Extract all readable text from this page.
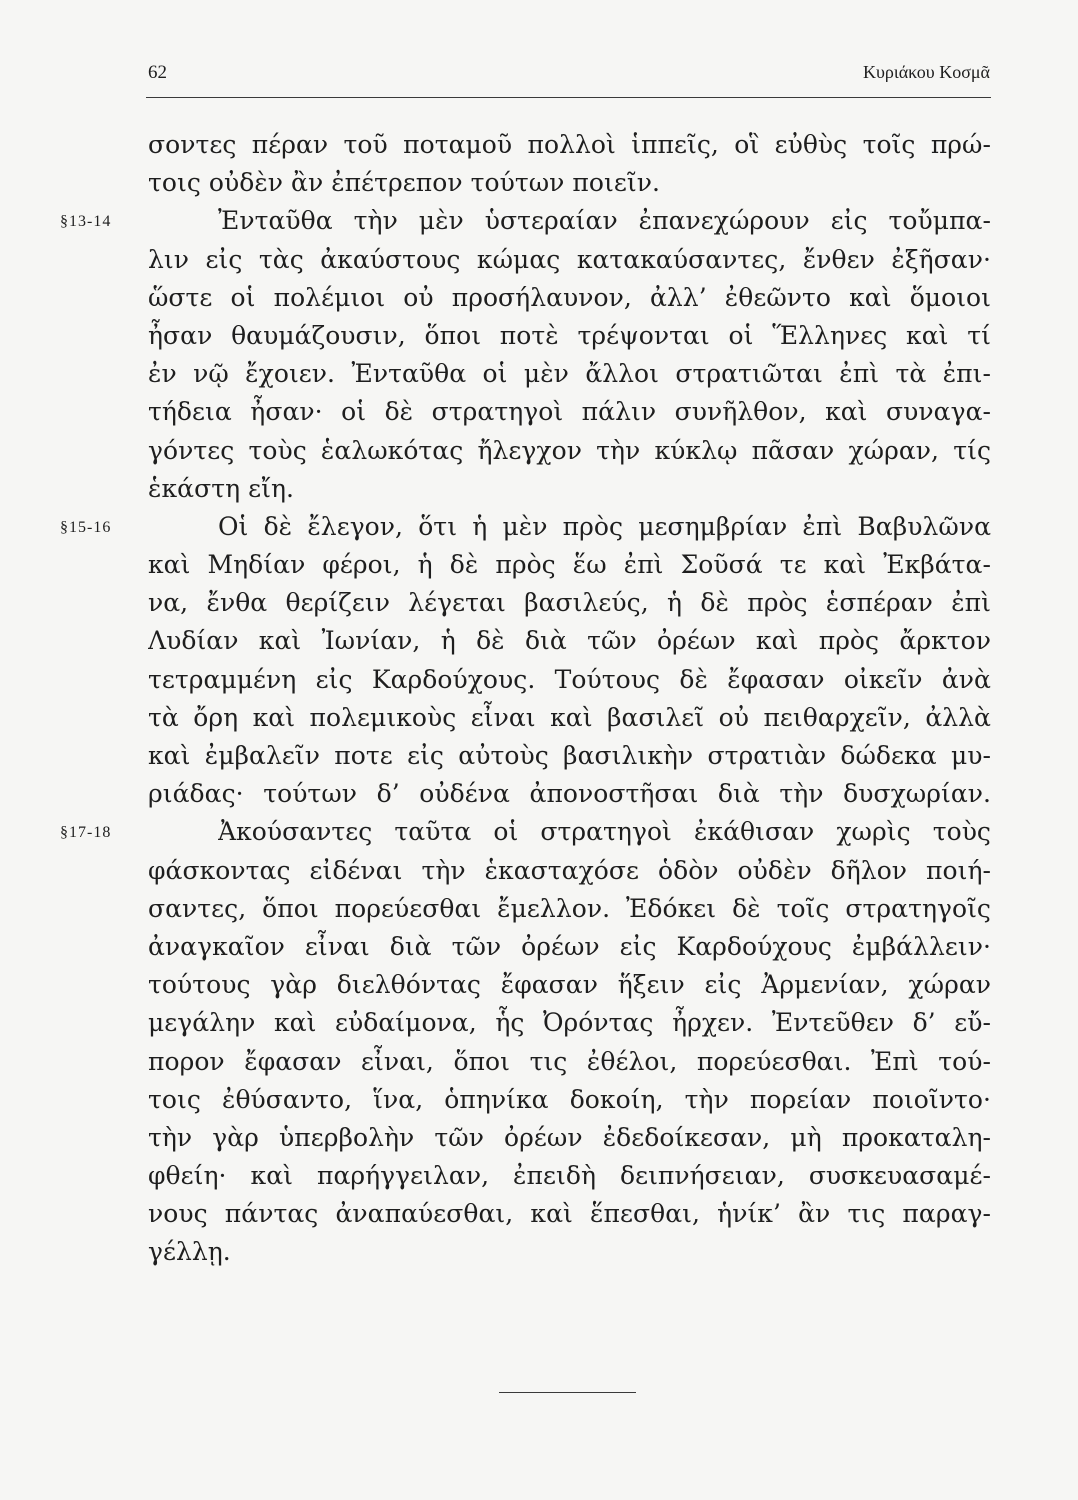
62	Κυριάκου Κοσμᾶ
σοντες πέραν τοῦ ποταμοῦ πολλοὶ ἱππεῖς, οἳ εὐθὺς τοῖς πρώ-
τοις οὐδὲν ἂν ἐπέτρεπον τούτων ποιεῖν.
§13-14	Ἐνταῦθα τὴν μὲν ὑστεραίαν ἐπανεχώρουν εἰς τοὔμπα-
λιν εἰς τὰς ἀκαύστους κώμας κατακαύσαντες, ἔνθεν ἐξῆσαν·
ὥστε οἱ πολέμιοι οὐ προσήλαυνον, ἀλλ’ ἐθεῶντο καὶ ὅμοιοι
ἦσαν θαυμάζουσιν, ὅποι ποτὲ τρέψονται οἱ Ἕλληνες καὶ τί
ἐν νῷ ἔχοιεν. Ἐνταῦθα οἱ μὲν ἄλλοι στρατιῶται ἐπὶ τὰ ἐπι-
τήδεια ἦσαν· οἱ δὲ στρατηγοὶ πάλιν συνῆλθον, καὶ συναγα-
γόντες τοὺς ἑαλωκότας ἤλεγχον τὴν κύκλῳ πᾶσαν χώραν, τίς
ἑκάστη εἴη.
§15-16	Οἱ δὲ ἔλεγον, ὅτι ἡ μὲν πρὸς μεσημβρίαν ἐπὶ Βαβυλῶνα
καὶ Μηδίαν φέροι, ἡ δὲ πρὸς ἕω ἐπὶ Σοῦσά τε καὶ Ἐκβάτα-
να, ἔνθα θερίζειν λέγεται βασιλεύς, ἡ δὲ πρὸς ἑσπέραν ἐπὶ
Λυδίαν καὶ Ἰωνίαν, ἡ δὲ διὰ τῶν ὀρέων καὶ πρὸς ἄρκτον
τετραμμένη εἰς Καρδούχους. Τούτους δὲ ἔφασαν οἰκεῖν ἀνὰ
τὰ ὄρη καὶ πολεμικοὺς εἶναι καὶ βασιλεῖ οὐ πειθαρχεῖν, ἀλλὰ
καὶ ἐμβαλεῖν ποτε εἰς αὐτοὺς βασιλικὴν στρατιὰν δώδεκα μυ-
ριάδας· τούτων δ’ οὐδένα ἀπονοστῆσαι διὰ τὴν δυσχωρίαν.
§17-18	Ἀκούσαντες ταῦτα οἱ στρατηγοὶ ἐκάθισαν χωρὶς τοὺς
φάσκοντας εἰδέναι τὴν ἑκασταχόσε ὁδὸν οὐδὲν δῆλον ποιή-
σαντες, ὅποι πορεύεσθαι ἔμελλον. Ἐδόκει δὲ τοῖς στρατηγοῖς
ἀναγκαῖον εἶναι διὰ τῶν ὀρέων εἰς Καρδούχους ἐμβάλλειν·
τούτους γὰρ διελθόντας ἔφασαν ἥξειν εἰς Ἀρμενίαν, χώραν
μεγάλην καὶ εὐδαίμονα, ἧς Ὀρόντας ἦρχεν. Ἐντεῦθεν δ’ εὔ-
πορον ἔφασαν εἶναι, ὅποι τις ἐθέλοι, πορεύεσθαι. Ἐπὶ τού-
τοις ἐθύσαντο, ἵνα, ὁπηνίκα δοκοίη, τὴν πορείαν ποιοῖντο·
τὴν γὰρ ὑπερβολὴν τῶν ὀρέων ἐδεδοίκεσαν, μὴ προκαταλη-
φθείη· καὶ παρήγγειλαν, ἐπειδὴ δειπνήσειαν, συσκευασαμέ-
νους πάντας ἀναπαύεσθαι, καὶ ἕπεσθαι, ἡνίκ’ ἂν τις παραγ-
γέλλῃ.
